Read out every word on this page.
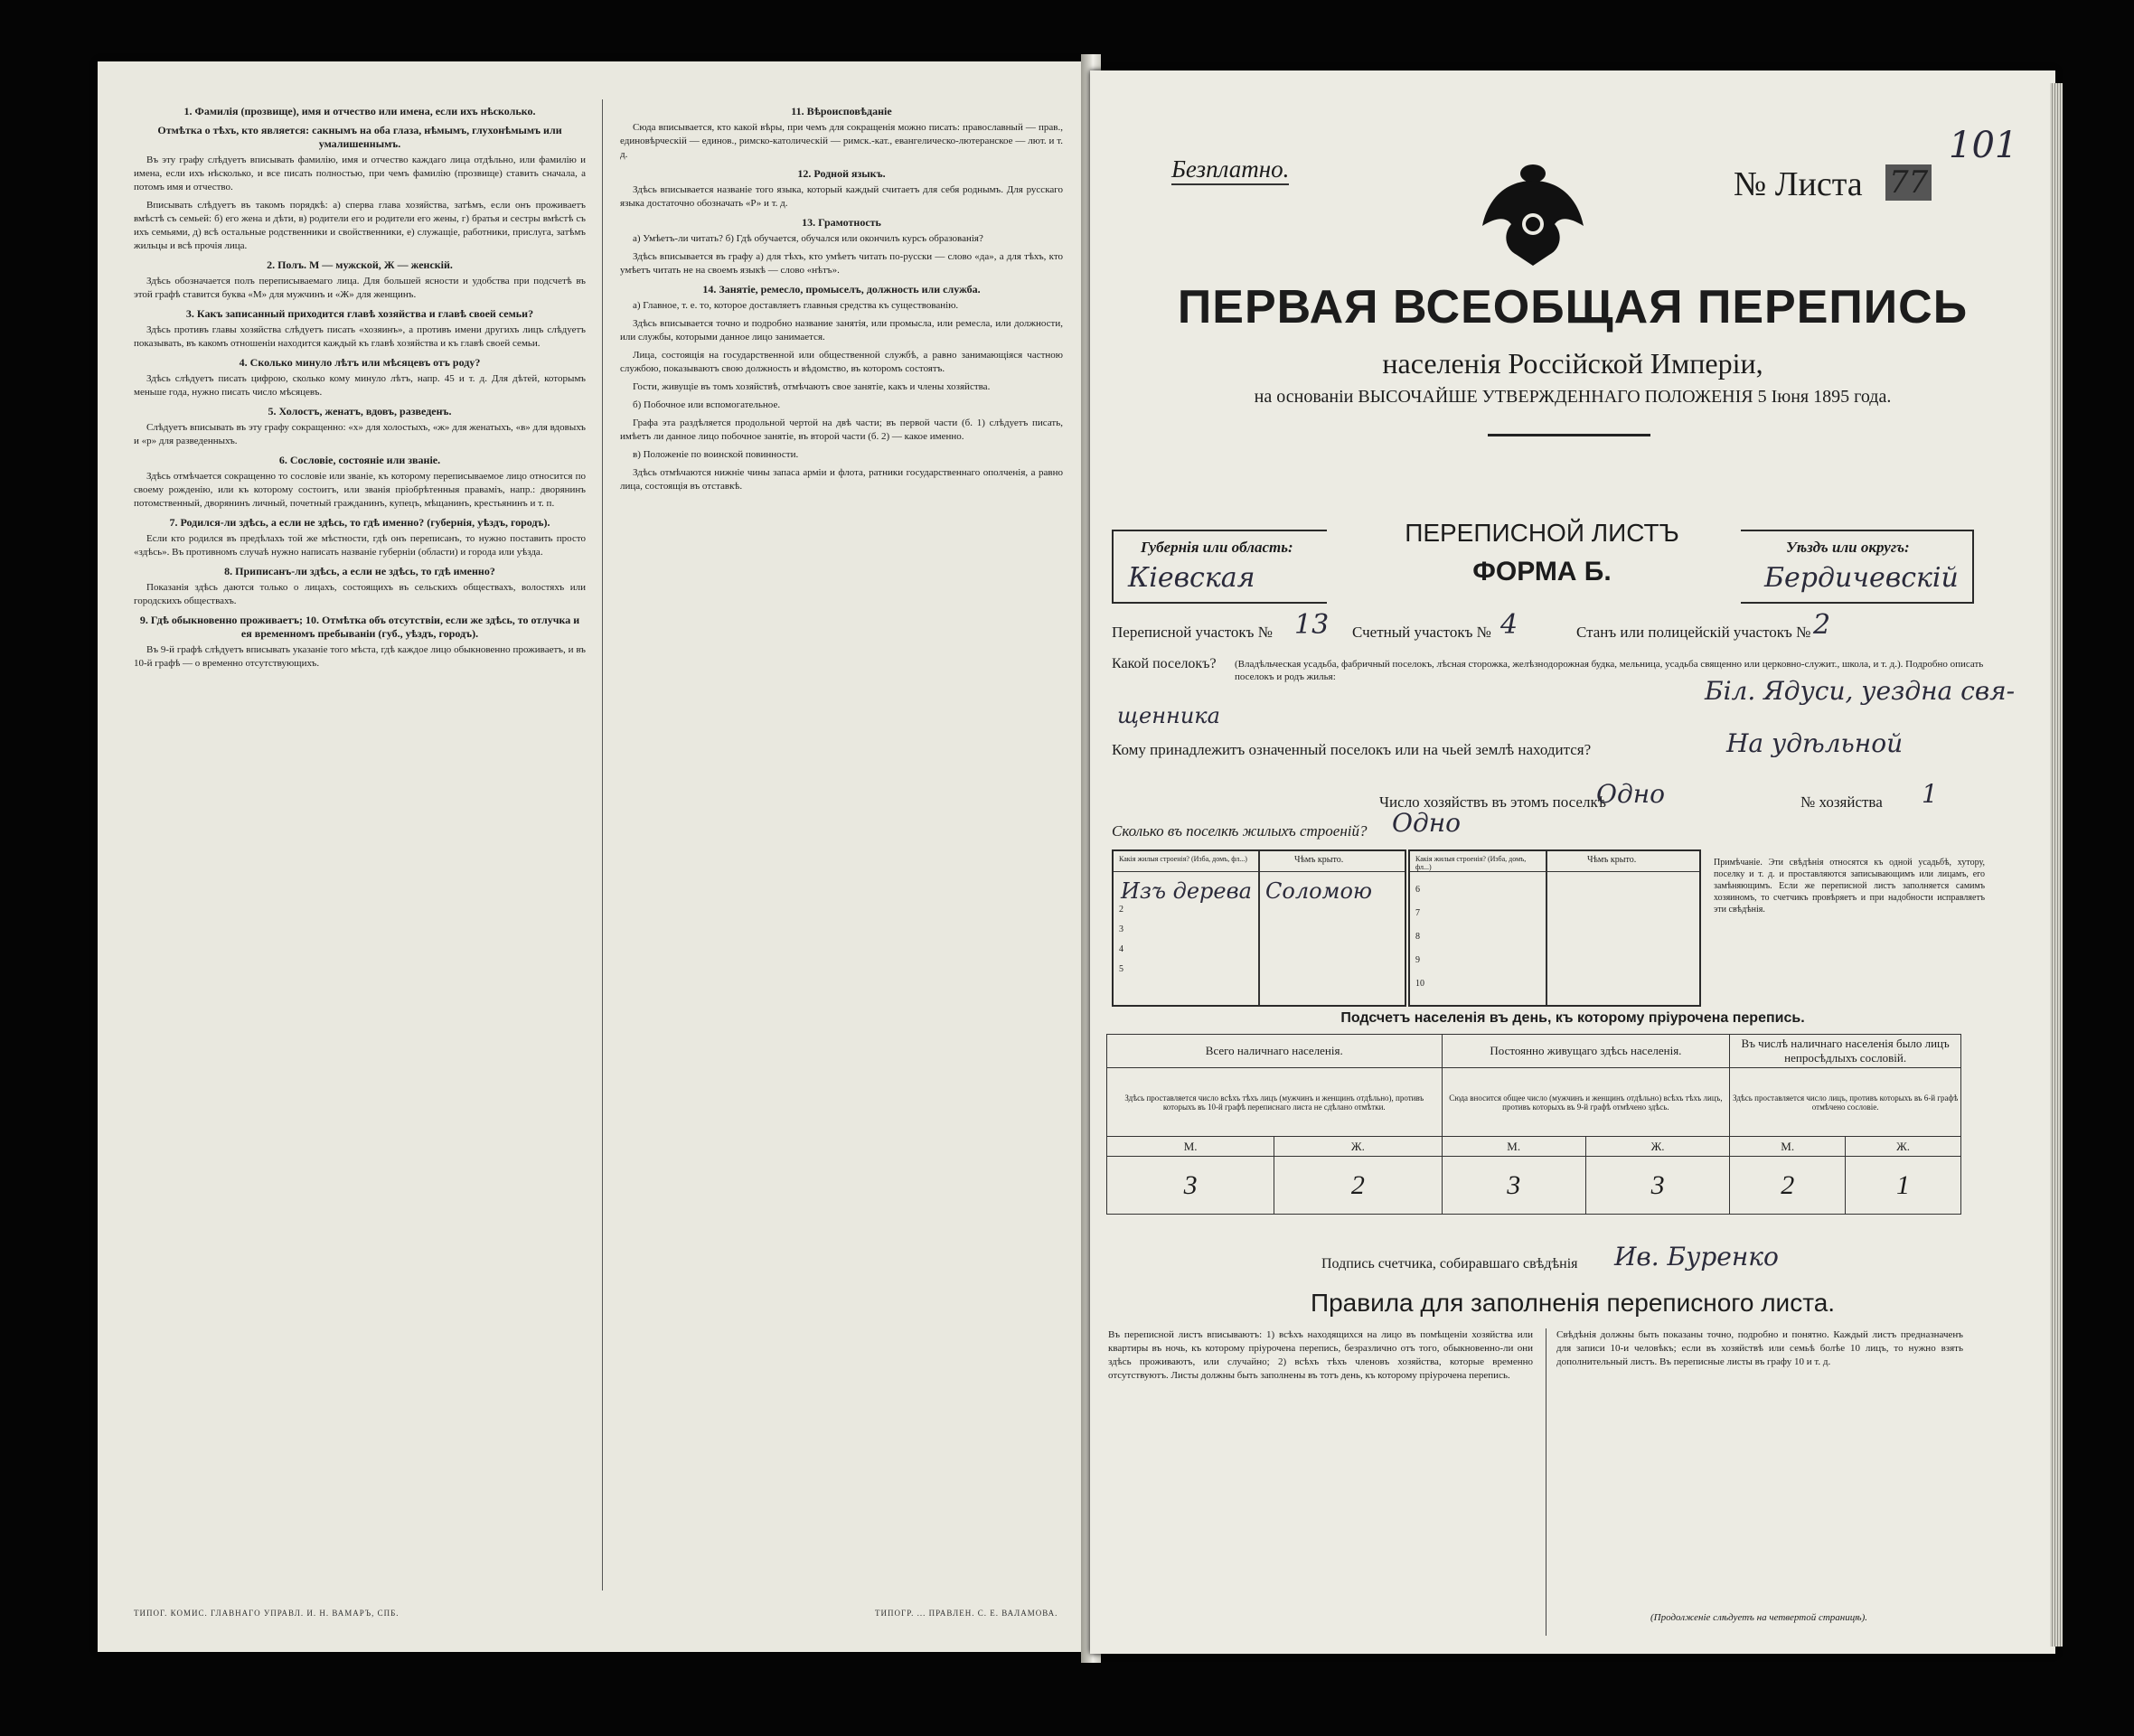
1. Фамилія (прозвище), имя и отчество или имена, если ихъ нѣсколько.
Отмѣтка о тѣхъ, кто является: сакнымъ на оба глаза, нѣмымъ, глухонѣмымъ или умалишеннымъ.

Въ эту графу слѣдуетъ вписывать фамилію, имя и отчество каждаго лица отдѣльно, или фамилію и имена, если ихъ нѣсколько, и все писать полностью, при чемъ фамилію (прозвище) ставить сначала, а потомъ имя и отчество.

Вписывать слѣдуетъ въ такомъ порядкѣ: а) сперва глава хозяйства, затѣмъ, если онъ проживаетъ вмѣстѣ съ семьей: б) его жена и дѣти, в) родители его и родители его жены, г) братья и сестры вмѣстѣ съ ихъ семьями, д) всѣ остальные родственники и свойственники, е) служащіе, работники, прислуга, затѣмъ жильцы и всѣ прочія лица.

2. Полъ. М — мужской, Ж — женскій.

Здѣсь обозначается полъ переписываемаго лица. Для большей ясности и удобства при подсчетѣ въ этой графѣ ставится буква «М» для мужчинъ и «Ж» для женщинъ.

3. Какъ записанный приходится главѣ хозяйства и главѣ своей семьи?

Здѣсь противъ главы хозяйства слѣдуетъ писать «хозяинъ», а противъ имени другихъ лицъ слѣдуетъ показывать, въ какомъ отношеніи находится каждый къ главѣ хозяйства и къ главѣ своей семьи.

4. Сколько минуло лѣтъ или мѣсяцевъ отъ роду?

Здѣсь слѣдуетъ писать цифрою, сколько кому минуло лѣтъ, напр. 45 и т. д. Для дѣтей, которымъ меньше года, нужно писать число мѣсяцевъ.

5. Холостъ, женатъ, вдовъ, разведенъ.

Слѣдуетъ вписывать въ эту графу сокращенно: «х» для холостыхъ, «ж» для женатыхъ, «в» для вдовыхъ и «р» для разведенныхъ.

6. Сословіе, состояніе или званіе.

Здѣсь отмѣчается сокращенно то сословіе или званіе, къ которому переписываемое лицо относится по своему рожденію, или къ которому состоитъ, или званія пріобрѣтенныя праваміъ, напр.: дворянинъ потомственный, дворянинъ личный, почетный гражданинъ, купецъ, мѣщанинъ, крестьянинъ и т. п.

7. Родился-ли здѣсь, а если не здѣсь, то гдѣ именно? (губернія, уѣздъ, городъ).

Если кто родился въ предѣлахъ той же мѣстности, гдѣ онъ переписанъ, то нужно поставить просто «здѣсь». Въ противномъ случаѣ нужно написать названіе губерніи (области) и города или уѣзда.

8. Приписанъ-ли здѣсь, а если не здѣсь, то гдѣ именно?

Показанія здѣсь даются только о лицахъ, состоящихъ въ сельскихъ обществахъ, волостяхъ или городскихъ обществахъ.

9. Гдѣ обыкновенно проживаетъ; 10. Отмѣтка объ отсутствіи, если же здѣсь, то отлучка и ея временномъ пребываніи (губ., уѣздъ, городъ).

Въ 9-й графѣ слѣдуетъ вписывать указаніе того мѣста, гдѣ каждое лицо обыкновенно проживаетъ, и въ 10-й графѣ — о временно отсутствующихъ.

11. Вѣроисповѣданіе

Сюда вписывается, кто какой вѣры, при чемъ для сокращенія можно писать: православный — прав., единовѣрческій — единов., римско-католическій — римск.-кат., евангелическо-лютеранское — лют. и т. д.

12. Родной языкъ.

Здѣсь вписывается названіе того языка, который каждый считаетъ для себя роднымъ. Для русскаго языка достаточно обозначать «Р» и т. д.

13. Грамотность

а) Умѣетъ-ли читать? б) Гдѣ обучается, обучался или окончилъ курсъ образованія?

Здѣсь вписывается въ графу а) для тѣхъ, кто умѣетъ читать по-русски — слово «да», а для тѣхъ, кто умѣетъ читать не на своемъ языкѣ — слово «нѣтъ».

14. Занятіе, ремесло, промыселъ, должность или служба.

а) Главное, т. е. то, которое доставляетъ главныя средства къ существованію.

Здѣсь вписывается точно и подробно название занятія, или промысла, или ремесла, или должности, или службы, которыми данное лицо занимается.

Лица, состоящія на государственной или общественной службѣ, а равно занимающіяся частною службою, показываютъ свою должность и вѣдомство, въ которомъ состоятъ.

Гости, живущіе въ томъ хозяйствѣ, отмѣчаютъ свое занятіе, какъ и члены хозяйства.

б) Побочное или вспомогательное.

Графа эта раздѣляется продольной чертой на двѣ части; въ первой части (б. 1) слѣдуетъ писать, имѣетъ ли данное лицо побочное занятіе, въ второй части (б. 2) — какое именно.

в) Положеніе по воинской повинности.

Здѣсь отмѣчаются нижніе чины запаса армiи и флота, ратники государственнаго ополченія, а равно лица, состоящія въ отставкѣ.

ТИПОГ. КОМИС. ГЛАВНАГО УПРАВЛ. И. Н. ВАМАРЪ, СПБ.	ТИПОГР. ... ПРАВЛЕН. С. Е. ВАЛАМОВА.
101
Безплатно.	№ Листа 77
ПЕРВАЯ ВСЕОБЩАЯ ПЕРЕПИСЬ
населенія Россійской Имперіи,
на основаніи ВЫСОЧАЙШЕ УТВЕРЖДЕННАГО ПОЛОЖЕНІЯ 5 Іюня 1895 года.
Губернія или область:
Кіевская
ПЕРЕПИСНОЙ ЛИСТЪ
ФОРМА Б.
Уѣздъ или округъ:
Бердичевскій
Переписной участокъ № 13 Счетный участокъ № 4	Станъ или полицейскій участокъ № 2
Какой поселокъ? (Владѣльческая усадьба, фабричный поселокъ, лѣсная сторожка, желѣзнодорожная будка, мельница, усадьба священно или церковно-служит., школа, и т. д.). Подробно описать поселокъ и родъ жилья:	Біл. Ядуси, уездна свя-
щенника
Кому принадлежитъ означенный поселокъ или на чьей землѣ находится?	На удѣльной
Число хозяйствъ въ этомъ поселкѣ
Одно	№ хозяйства 1
Сколько въ поселкѣ жилыхъ строеній? Одно
Какія жилыя строенія? (Изба, домъ, фл...)	Чѣмъ крыто.
Изъ дерева Соломою
2
3
4
5
Какія жилыя строенія? (Изба, домъ, фл...)
Чѣмъ крыто.
6
7
8
9
10
Примѣчаніе. Эти свѣдѣнія относятся къ одной усадьбѣ, хутору, поселку и т. д. и проставляются записывающимъ или лицамъ, его замѣняющимъ. Если же переписной листъ заполняется самимъ хозяиномъ, то счетчикъ провѣряетъ и при надобности исправляетъ эти свѣдѣнія.
Подсчетъ населенія въ день, къ которому пріурочена перепись.
Всего наличнаго населенія.		Постоянно живущаго здѣсь населенія.		Въ числѣ наличнаго населенія было лицъ непросѣдлыхъ сословій.	
Здѣсь проставляется число всѣхъ тѣхъ лицъ (мужчинъ и женщинъ отдѣльно), противъ которыхъ въ 10-й графѣ переписнаго листа не сдѣлано отмѣтки.		Сюда вносится общее число (мужчинъ и женщинъ отдѣльно) всѣхъ тѣхъ лицъ, противъ которыхъ въ 9-й графѣ отмѣчено здѣсь.		Здѣсь проставляется число лицъ, противъ которыхъ въ 6-й графѣ отмѣчено сословіе.	
М.	Ж.	М.	Ж.	М.	Ж.
3	2	3	3	2	1
Подпись счетчика, собиравшаго свѣдѣнія Ив. Буренко
Правила для заполненія переписного листа.
Въ переписной листъ вписываютъ: 1) всѣхъ находящихся на лицо въ помѣщеніи хозяйства или квартиры въ ночь, къ которому пріурочена перепись, безразлично отъ того, обыкновенно-ли они здѣсь проживаютъ, или случайно; 2) всѣхъ тѣхъ членовъ хозяйства, которые временно отсутствуютъ. Листы должны быть заполнены въ тотъ день, къ которому пріурочена перепись.
Свѣдѣнія должны быть показаны точно, подробно и понятно. Каждый листъ предназначенъ для записи 10-и человѣкъ; если въ хозяйствѣ или семьѣ болѣе 10 лицъ, то нужно взять дополнительный листъ. Въ переписные листы въ графу 10 и т. д.
(Продолженіе слѣдуетъ на четвертой страницѣ).
